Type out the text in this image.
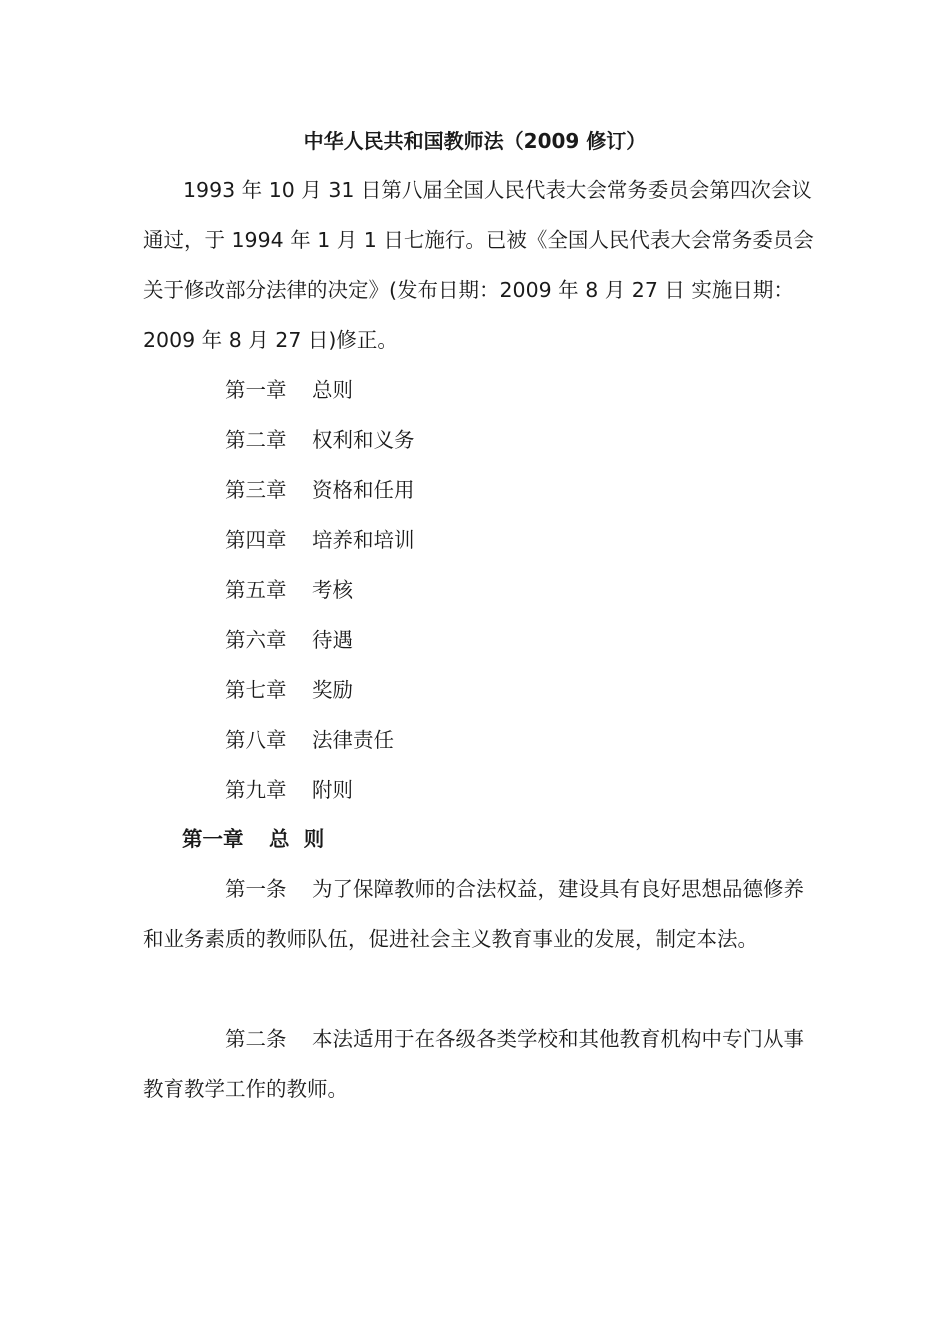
中华人民共和国教师法（2009 修订）

1993 年 10 月 31 日第八届全国人民代表大会常务委员会第四次会议通过，于 1994 年 1 月 1 日七施行。已被《全国人民代表大会常务委员会关于修改部分法律的决定》(发布日期：2009 年 8 月 27 日 实施日期：2009 年 8 月 27 日)修正。

第一章 总则
第二章 权利和义务
第三章 资格和任用
第四章 培养和培训
第五章 考核
第六章 待遇
第七章 奖励
第八章 法律责任
第九章 附则
第一章 总  则

第一条 为了保障教师的合法权益，建设具有良好思想品德修养和业务素质的教师队伍，促进社会主义教育事业的发展，制定本法。

第二条 本法适用于在各级各类学校和其他教育机构中专门从事教育教学工作的教师。
